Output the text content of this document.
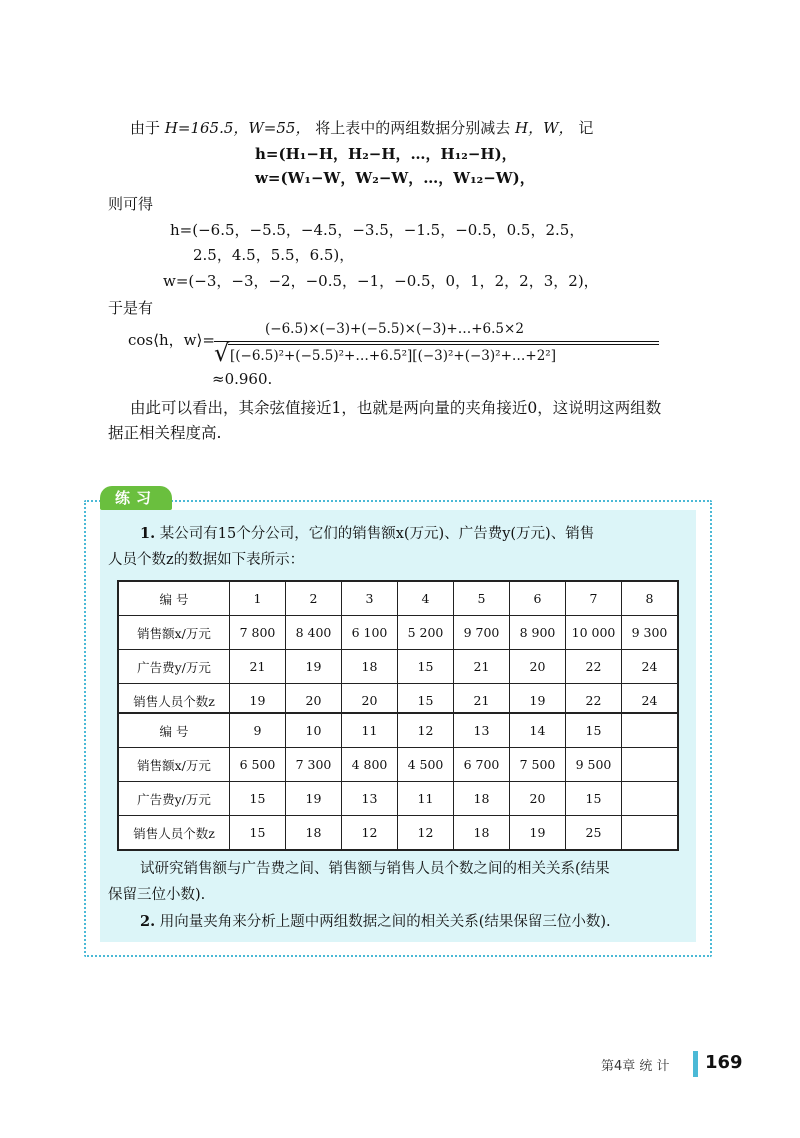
由于 H=165.5，W=55， 将上表中的两组数据分别减去 H，W， 记
h=(H₁−H，H₂−H，…，H₁₂−H)，
w=(W₁−W，W₂−W，…，W₁₂−W)，
则可得
h=(−6.5，−5.5，−4.5，−3.5，−1.5，−0.5，0.5，2.5，
2.5，4.5，5.5，6.5)，
w=(−3，−3，−2，−0.5，−1，−0.5，0，1，2，2，3，2)，
于是有
cos⟨h，w⟩=
(−6.5)×(−3)+(−5.5)×(−3)+…+6.5×2
√ [(−6.5)²+(−5.5)²+…+6.5²][(−3)²+(−3)²+…+2²]
≈0.960.
由此可以看出，其余弦值接近1，也就是两向量的夹角接近0，这说明这两组数
据正相关程度高.
练习
1. 某公司有15个分公司，它们的销售额x(万元)、广告费y(万元)、销售
人员个数z的数据如下表所示：
编 号	1	2	3	4	5	6	7	8
销售额x/万元	7 800	8 400	6 100	5 200	9 700	8 900	10 000	9 300
广告费y/万元	21	19	18	15	21	20	22	24
销售人员个数z	19	20	20	15	21	19	22	24
编 号	9	10	11	12	13	14	15	
销售额x/万元	6 500	7 300	4 800	4 500	6 700	7 500	9 500	
广告费y/万元	15	19	13	11	18	20	15	
销售人员个数z	15	18	12	12	18	19	25	
试研究销售额与广告费之间、销售额与销售人员个数之间的相关关系(结果
保留三位小数).
2. 用向量夹角来分析上题中两组数据之间的相关关系(结果保留三位小数).
第4章 统 计 169
